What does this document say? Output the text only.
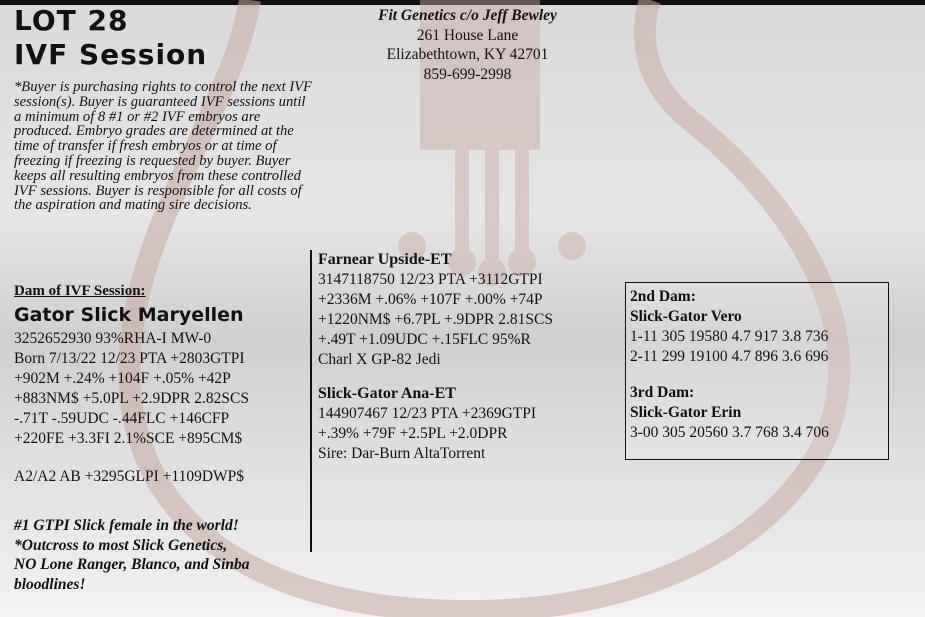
LOT 28
IVF Session
*Buyer is purchasing rights to control the next IVF session(s). Buyer is guaranteed IVF sessions until a minimum of 8 #1 or #2 IVF embryos are produced. Embryo grades are determined at the time of transfer if fresh embryos or at time of freezing if freezing is requested by buyer. Buyer keeps all resulting embryos from these controlled IVF sessions. Buyer is responsible for all costs of the aspiration and mating sire decisions.
Fit Genetics c/o Jeff Bewley
261 House Lane
Elizabethtown, KY 42701
859-699-2998
Dam of IVF Session:
Gator Slick Maryellen
3252652930 93%RHA-I MW-0
Born 7/13/22 12/23 PTA +2803GTPI
+902M +.24% +104F +.05% +42P
+883NM$ +5.0PL +2.9DPR 2.82SCS
-.71T -.59UDC -.44FLC +146CFP
+220FE +3.3FI 2.1%SCE +895CM$
A2/A2 AB +3295GLPI +1109DWP$
#1 GTPI Slick female in the world!
*Outcross to most Slick Genetics,
NO Lone Ranger, Blanco, and Sinba
bloodlines!
Farnear Upside-ET
3147118750 12/23 PTA +3112GTPI
+2336M +.06% +107F +.00% +74P
+1220NM$ +6.7PL +.9DPR 2.81SCS
+.49T +1.09UDC +.15FLC 95%R
Charl X GP-82 Jedi
Slick-Gator Ana-ET
144907467 12/23 PTA +2369GTPI
+.39% +79F +2.5PL +2.0DPR
Sire: Dar-Burn AltaTorrent
2nd Dam:
Slick-Gator Vero
1-11 305 19580 4.7 917 3.8 736
2-11 299 19100 4.7 896 3.6 696
3rd Dam:
Slick-Gator Erin
3-00 305 20560 3.7 768 3.4 706
